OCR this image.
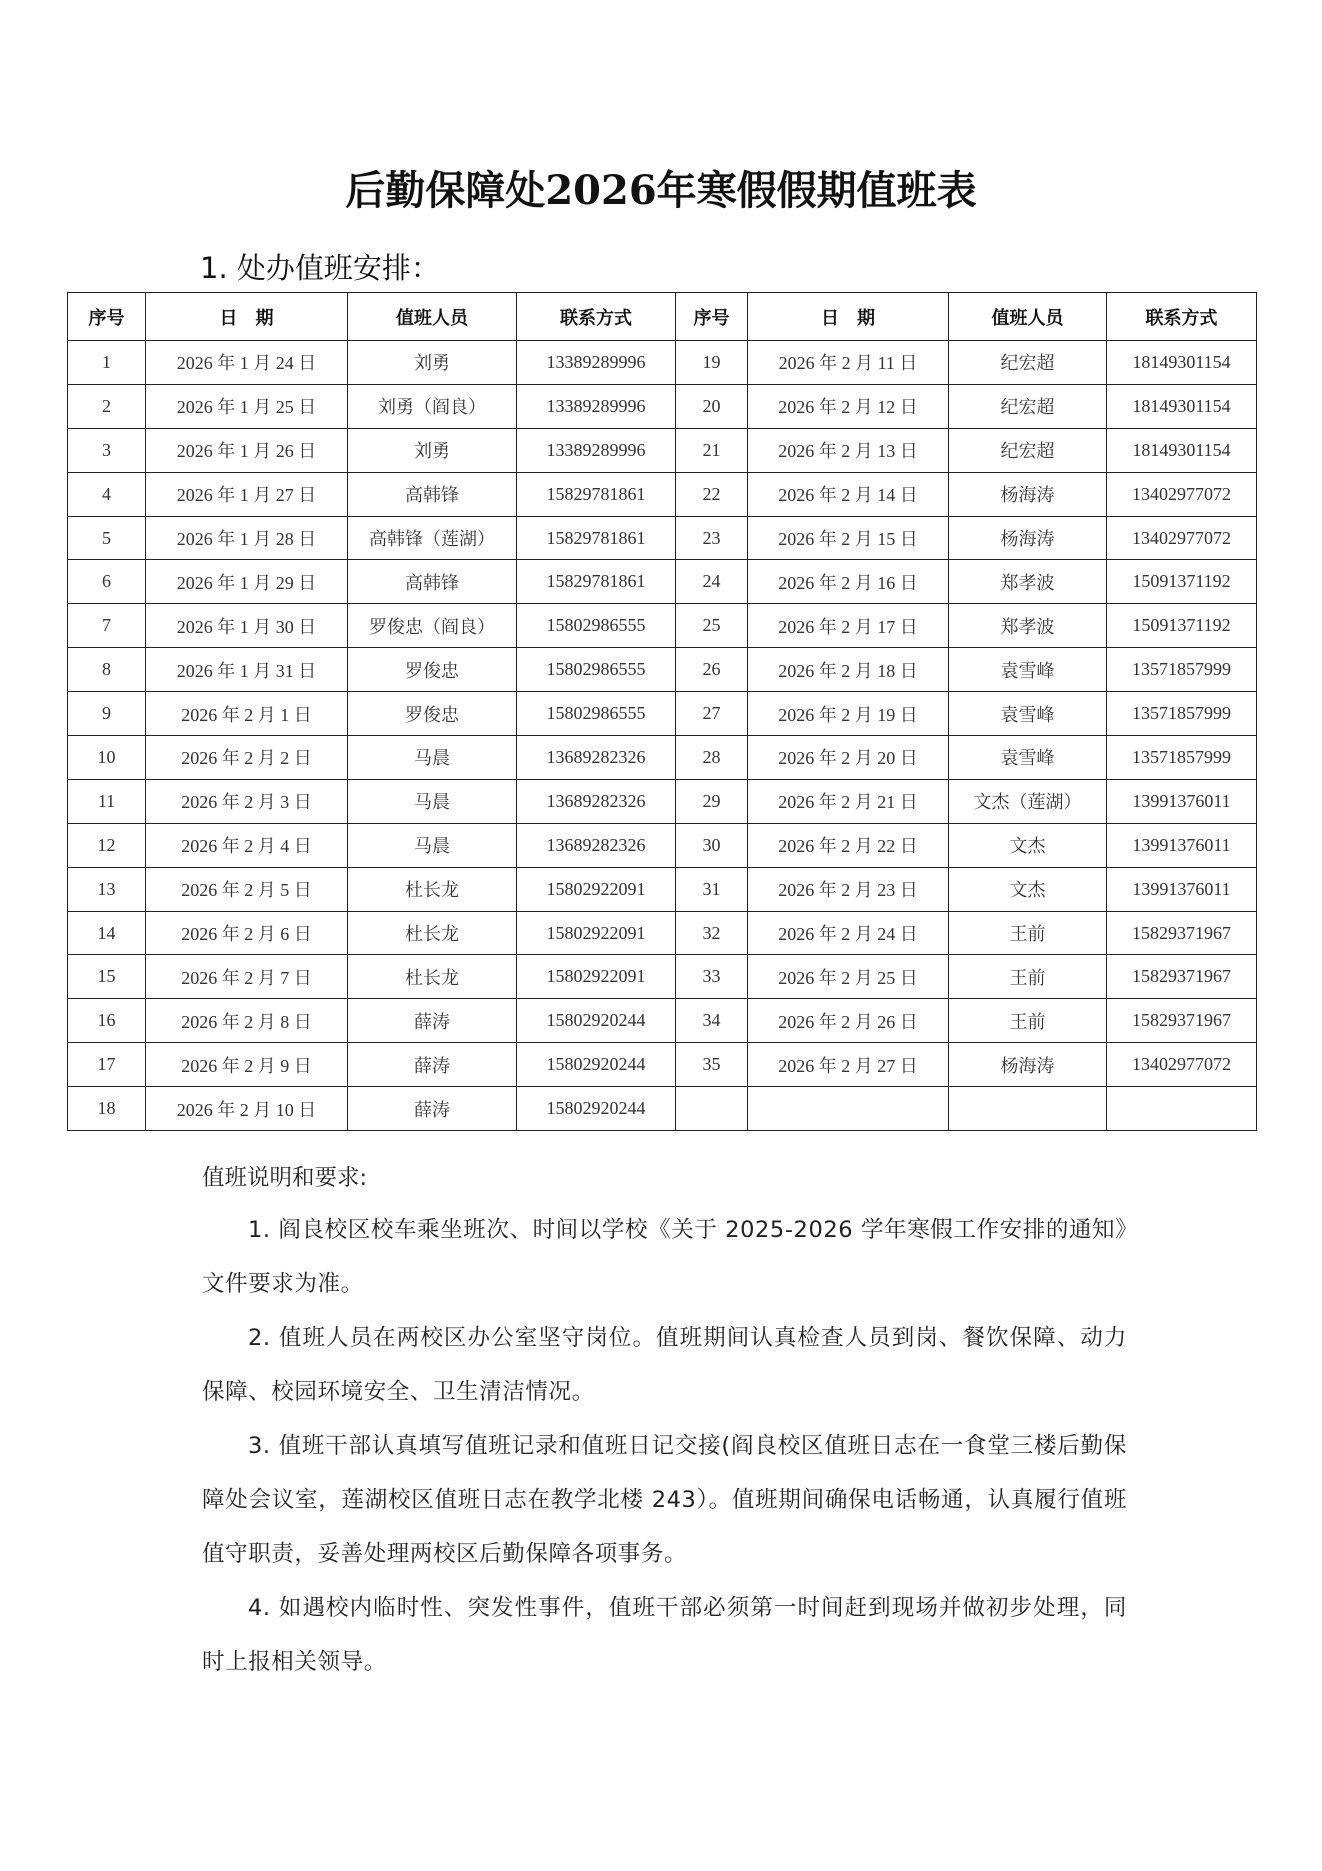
后勤保障处2026年寒假假期值班表
1. 处办值班安排：
序号	日　期	值班人员	联系方式	序号	日　期	值班人员	联系方式
1	2026 年 1 月 24 日	刘勇	13389289996	19	2026 年 2 月 11 日	纪宏超	18149301154
2	2026 年 1 月 25 日	刘勇（阎良）	13389289996	20	2026 年 2 月 12 日	纪宏超	18149301154
3	2026 年 1 月 26 日	刘勇	13389289996	21	2026 年 2 月 13 日	纪宏超	18149301154
4	2026 年 1 月 27 日	高韩锋	15829781861	22	2026 年 2 月 14 日	杨海涛	13402977072
5	2026 年 1 月 28 日	高韩锋（莲湖）	15829781861	23	2026 年 2 月 15 日	杨海涛	13402977072
6	2026 年 1 月 29 日	高韩锋	15829781861	24	2026 年 2 月 16 日	郑孝波	15091371192
7	2026 年 1 月 30 日	罗俊忠（阎良）	15802986555	25	2026 年 2 月 17 日	郑孝波	15091371192
8	2026 年 1 月 31 日	罗俊忠	15802986555	26	2026 年 2 月 18 日	袁雪峰	13571857999
9	2026 年 2 月 1 日	罗俊忠	15802986555	27	2026 年 2 月 19 日	袁雪峰	13571857999
10	2026 年 2 月 2 日	马晨	13689282326	28	2026 年 2 月 20 日	袁雪峰	13571857999
11	2026 年 2 月 3 日	马晨	13689282326	29	2026 年 2 月 21 日	文杰（莲湖）	13991376011
12	2026 年 2 月 4 日	马晨	13689282326	30	2026 年 2 月 22 日	文杰	13991376011
13	2026 年 2 月 5 日	杜长龙	15802922091	31	2026 年 2 月 23 日	文杰	13991376011
14	2026 年 2 月 6 日	杜长龙	15802922091	32	2026 年 2 月 24 日	王前	15829371967
15	2026 年 2 月 7 日	杜长龙	15802922091	33	2026 年 2 月 25 日	王前	15829371967
16	2026 年 2 月 8 日	薛涛	15802920244	34	2026 年 2 月 26 日	王前	15829371967
17	2026 年 2 月 9 日	薛涛	15802920244	35	2026 年 2 月 27 日	杨海涛	13402977072
18	2026 年 2 月 10 日	薛涛	15802920244				
值班说明和要求:

1. 阎良校区校车乘坐班次、时间以学校《关于 2025-2026 学年寒假工作安排的通知》文件要求为准。

2. 值班人员在两校区办公室坚守岗位。值班期间认真检查人员到岗、餐饮保障、动力保障、校园环境安全、卫生清洁情况。

3. 值班干部认真填写值班记录和值班日记交接(阎良校区值班日志在一食堂三楼后勤保障处会议室，莲湖校区值班日志在教学北楼 243）。值班期间确保电话畅通，认真履行值班值守职责，妥善处理两校区后勤保障各项事务。

4. 如遇校内临时性、突发性事件，值班干部必须第一时间赶到现场并做初步处理，同时上报相关领导。
